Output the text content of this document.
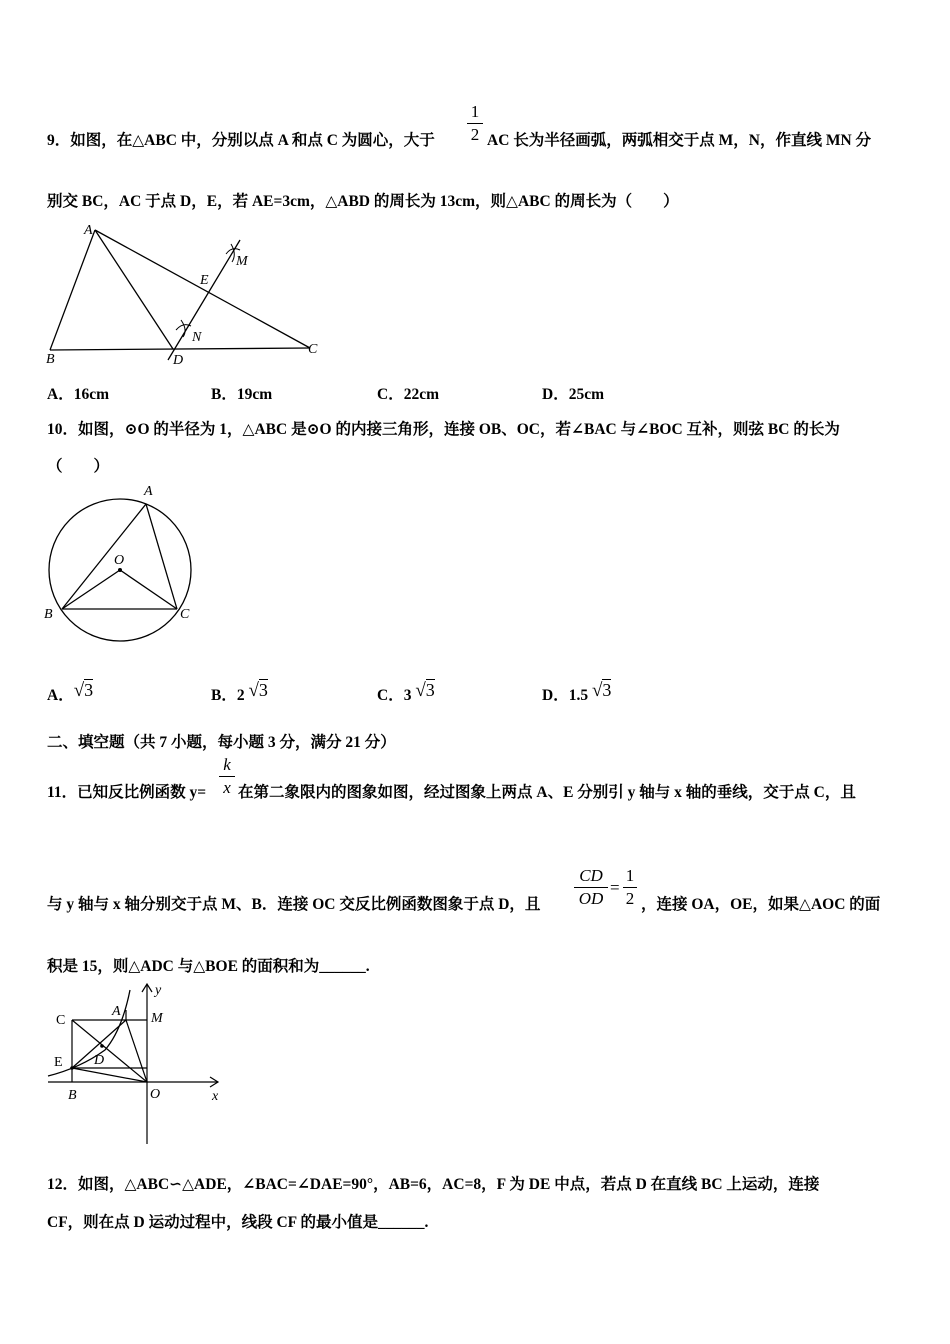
1
2
9．如图，在△ABC 中，分别以点 A 和点 C 为圆心，大于	AC 长为半径画弧，两弧相交于点 M，N，作直线 MN 分
别交 BC，AC 于点 D，E，若 AE=3cm，△ABD 的周长为 13cm，则△ABC 的周长为（　　）
A
B
C
D
E
M
N
A．16cm	B．19cm	C．22cm	D．25cm
10．如图，⊙O 的半径为 1，△ABC 是⊙O 的内接三角形，连接 OB、OC，若∠BAC 与∠BOC 互补，则弦 BC 的长为
（　　）
A
B	C
O
A．√3	B．2 √3	C．3 √3	D．1.5 √3
二、填空题（共 7 小题，每小题 3 分，满分 21 分）
k
x
11．已知反比例函数 y= 在第二象限内的图象如图，经过图象上两点 A、E 分别引 y 轴与 x 轴的垂线，交于点 C，且
CD
OD
=
1
2
与 y 轴与 x 轴分别交于点 M、B．连接 OC 交反比例函数图象于点 D，且	，连接 OA，OE，如果△AOC 的面
积是 15，则△ADC 与△BOE 的面积和为______.
C
A
y
M
E D
B	O	x
12．如图，△ABC∽△ADE，∠BAC=∠DAE=90°，AB=6，AC=8，F 为 DE 中点，若点 D 在直线 BC 上运动，连接
CF，则在点 D 运动过程中，线段 CF 的最小值是______.
